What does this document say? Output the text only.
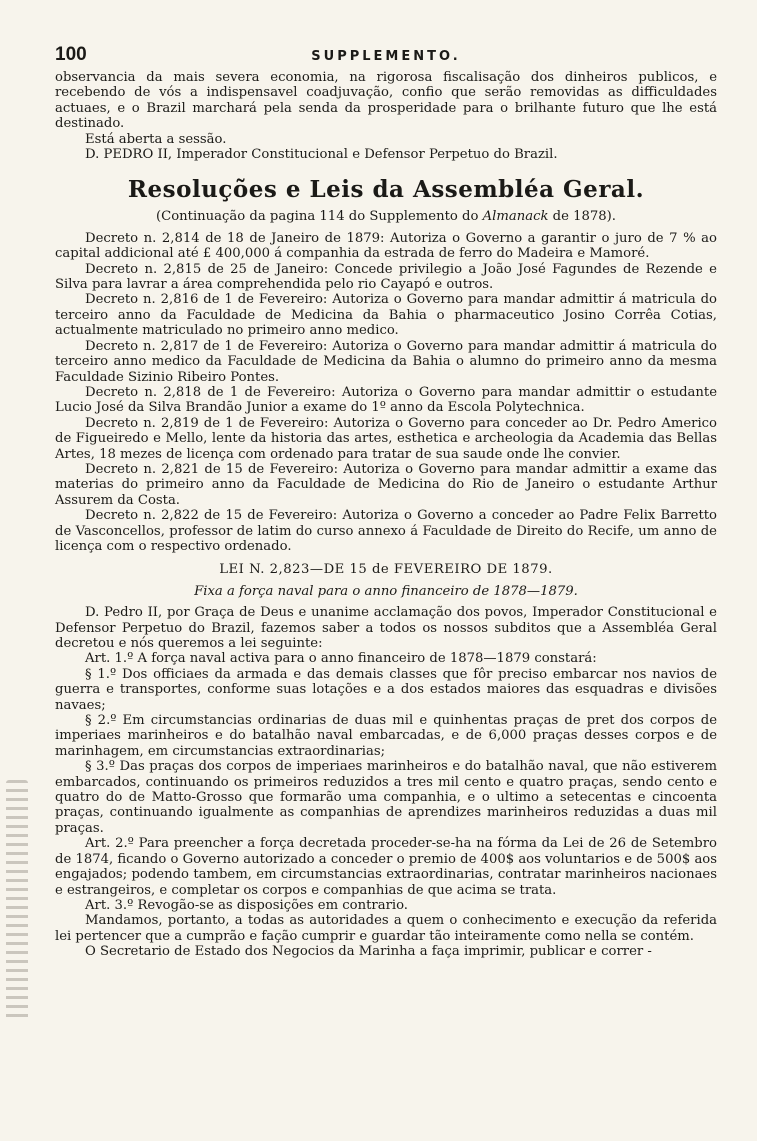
100	SUPPLEMENTO.

observancia da mais severa economia, na rigorosa fiscalisação dos dinheiros publicos, e recebendo de vós a indispensavel coadjuvação, confio que serão removidas as difficuldades actuaes, e o Brazil marchará pela senda da prosperidade para o brilhante futuro que lhe está destinado.

Está aberta a sessão.

D. PEDRO II, Imperador Constitucional e Defensor Perpetuo do Brazil.

Resoluções e Leis da Assembléa Geral.

(Continuação da pagina 114 do Supplemento do Almanack de 1878).

Decreto n. 2,814 de 18 de Janeiro de 1879: Autoriza o Governo a garantir o juro de 7 % ao capital addicional até £ 400,000 á companhia da estrada de ferro do Madeira e Mamoré.

Decreto n. 2,815 de 25 de Janeiro: Concede privilegio a João José Fagundes de Rezende e Silva para lavrar a área comprehendida pelo rio Cayapó e outros.

Decreto n. 2,816 de 1 de Fevereiro: Autoriza o Governo para mandar admittir á matricula do terceiro anno da Faculdade de Medicina da Bahia o pharmaceutico Josino Corrêa Cotias, actualmente matriculado no primeiro anno medico.

Decreto n. 2,817 de 1 de Fevereiro: Autoriza o Governo para mandar admittir á matricula do terceiro anno medico da Faculdade de Medicina da Bahia o alumno do primeiro anno da mesma Faculdade Sizinio Ribeiro Pontes.

Decreto n. 2,818 de 1 de Fevereiro: Autoriza o Governo para mandar admittir o estudante Lucio José da Silva Brandão Junior a exame do 1º anno da Escola Polytechnica.

Decreto n. 2,819 de 1 de Fevereiro: Autoriza o Governo para conceder ao Dr. Pedro Americo de Figueiredo e Mello, lente da historia das artes, esthetica e archeologia da Academia das Bellas Artes, 18 mezes de licença com ordenado para tratar de sua saude onde lhe convier.

Decreto n. 2,821 de 15 de Fevereiro: Autoriza o Governo para mandar admittir a exame das materias do primeiro anno da Faculdade de Medicina do Rio de Janeiro o estudante Arthur Assurem da Costa.

Decreto n. 2,822 de 15 de Fevereiro: Autoriza o Governo a conceder ao Padre Felix Barretto de Vasconcellos, professor de latim do curso annexo á Faculdade de Direito do Recife, um anno de licença com o respectivo ordenado.

LEI N. 2,823—DE 15 de FEVEREIRO DE 1879.

Fixa a força naval para o anno financeiro de 1878—1879.

D. Pedro II, por Graça de Deus e unanime acclamação dos povos, Imperador Constitucional e Defensor Perpetuo do Brazil, fazemos saber a todos os nossos subditos que a Assembléa Geral decretou e nós queremos a lei seguinte:

Art. 1.º A força naval activa para o anno financeiro de 1878—1879 constará:

§ 1.º Dos officiaes da armada e das demais classes que fôr preciso embarcar nos navios de guerra e transportes, conforme suas lotações e a dos estados maiores das esquadras e divisões navaes;

§ 2.º Em circumstancias ordinarias de duas mil e quinhentas praças de pret dos corpos de imperiaes marinheiros e do batalhão naval embarcadas, e de 6,000 praças desses corpos e de marinhagem, em circumstancias extraordinarias;

§ 3.º Das praças dos corpos de imperiaes marinheiros e do batalhão naval, que não estiverem embarcados, continuando os primeiros reduzidos a tres mil cento e quatro praças, sendo cento e quatro do de Matto-Grosso que formarão uma companhia, e o ultimo a setecentas e cincoenta praças, continuando igualmente as companhias de aprendizes marinheiros reduzidas a duas mil praças.

Art. 2.º Para preencher a força decretada proceder-se-ha na fórma da Lei de 26 de Setembro de 1874, ficando o Governo autorizado a conceder o premio de 400$ aos voluntarios e de 500$ aos engajados; podendo tambem, em circumstancias extraordinarias, contratar marinheiros nacionaes e estrangeiros, e completar os corpos e companhias de que acima se trata.

Art. 3.º Revogão-se as disposições em contrario.

Mandamos, portanto, a todas as autoridades a quem o conhecimento e execução da referida lei pertencer que a cumprão e fação cumprir e guardar tão inteiramente como nella se contém.

O Secretario de Estado dos Negocios da Marinha a faça imprimir, publicar e correr -
